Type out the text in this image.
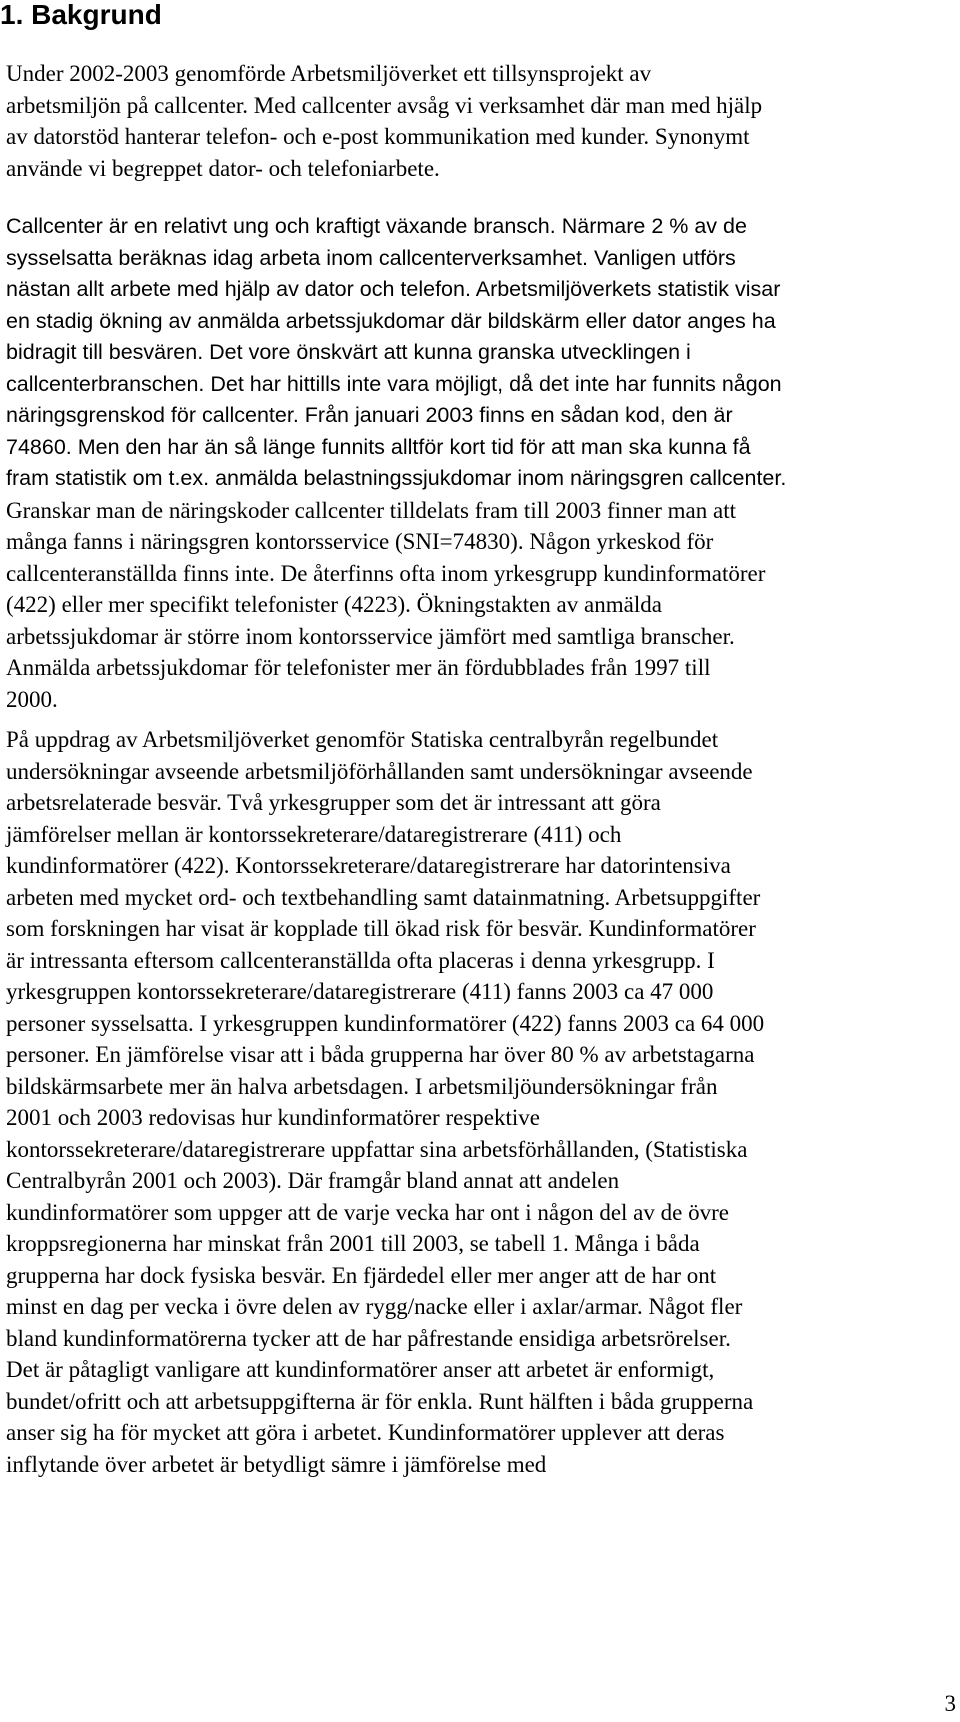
1. Bakgrund
Under 2002-2003 genomförde Arbetsmiljöverket ett tillsynsprojekt av
arbetsmiljön på callcenter. Med callcenter avsåg vi verksamhet där man med hjälp
av datorstöd hanterar telefon- och e-post kommunikation med kunder. Synonymt
använde vi begreppet dator- och telefoniarbete.
Callcenter är en relativt ung och kraftigt växande bransch. Närmare 2 % av de
sysselsatta beräknas idag arbeta inom callcenterverksamhet. Vanligen utförs
nästan allt arbete med hjälp av dator och telefon. Arbetsmiljöverkets statistik visar
en stadig ökning av anmälda arbetssjukdomar där bildskärm eller dator anges ha
bidragit till besvären. Det vore önskvärt att kunna granska utvecklingen i
callcenterbranschen. Det har hittills inte vara möjligt, då det inte har funnits någon
näringsgrenskod för callcenter. Från januari 2003 finns en sådan kod, den är
74860. Men den har än så länge funnits alltför kort tid för att man ska kunna få
fram statistik om t.ex. anmälda belastningssjukdomar inom näringsgren callcenter.
Granskar man de näringskoder callcenter tilldelats fram till 2003 finner man att
många fanns i näringsgren kontorsservice (SNI=74830). Någon yrkeskod för
callcenteranställda finns inte. De återfinns ofta inom yrkesgrupp kundinformatörer
(422) eller mer specifikt telefonister (4223). Ökningstakten av anmälda
arbetssjukdomar är större inom kontorsservice jämfört med samtliga branscher.
Anmälda arbetssjukdomar för telefonister mer än fördubblades från 1997 till
2000.
På uppdrag av Arbetsmiljöverket genomför Statiska centralbyrån regelbundet
undersökningar avseende arbetsmiljöförhållanden samt undersökningar avseende
arbetsrelaterade besvär. Två yrkesgrupper som det är intressant att göra
jämförelser mellan är kontorssekreterare/dataregistrerare (411) och
kundinformatörer (422). Kontorssekreterare/dataregistrerare har datorintensiva
arbeten med mycket ord- och textbehandling samt datainmatning. Arbetsuppgifter
som forskningen har visat är kopplade till ökad risk för besvär. Kundinformatörer
är intressanta eftersom callcenteranställda ofta placeras i denna yrkesgrupp. I
yrkesgruppen kontorssekreterare/dataregistrerare (411) fanns 2003 ca 47 000
personer sysselsatta. I yrkesgruppen kundinformatörer (422) fanns 2003 ca 64 000
personer. En jämförelse visar att i båda grupperna har över 80 % av arbetstagarna
bildskärmsarbete mer än halva arbetsdagen. I arbetsmiljöundersökningar från
2001 och 2003 redovisas hur kundinformatörer respektive
kontorssekreterare/dataregistrerare uppfattar sina arbetsförhållanden, (Statistiska
Centralbyrån 2001 och 2003). Där framgår bland annat att andelen
kundinformatörer som uppger att de varje vecka har ont i någon del av de övre
kroppsregionerna har minskat från 2001 till 2003, se tabell 1. Många i båda
grupperna har dock fysiska besvär. En fjärdedel eller mer anger att de har ont
minst en dag per vecka i övre delen av rygg/nacke eller i axlar/armar. Något fler
bland kundinformatörerna tycker att de har påfrestande ensidiga arbetsrörelser.
Det är påtagligt vanligare att kundinformatörer anser att arbetet är enformigt,
bundet/ofritt och att arbetsuppgifterna är för enkla. Runt hälften i båda grupperna
anser sig ha för mycket att göra i arbetet. Kundinformatörer upplever att deras
inflytande över arbetet är betydligt sämre i jämförelse med
3
